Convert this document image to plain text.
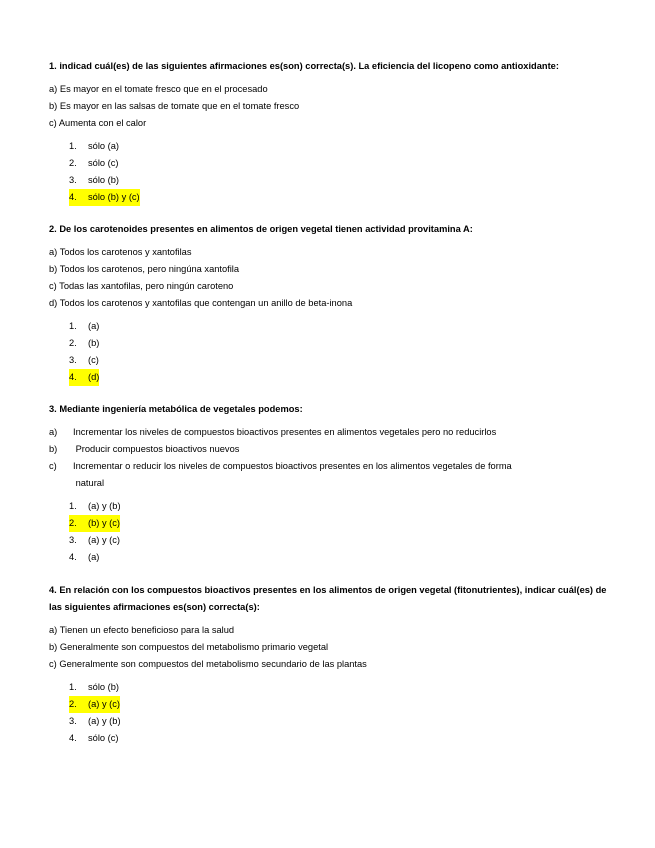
1. indicad cuál(es) de las siguientes afirmaciones es(son) correcta(s). La eficiencia del licopeno como antioxidante:

a) Es mayor en el tomate fresco que en el procesado
b) Es mayor en las salsas de tomate que en el tomate fresco
c) Aumenta con el calor
1. sólo (a)
2. sólo (c)
3. sólo (b)
4. sólo (b) y (c)

2. De los carotenoides presentes en alimentos de origen vegetal tienen actividad provitamina A:

a) Todos los carotenos y xantofilas
b) Todos los carotenos, pero ningúna xantofila
c) Todas las xantofilas, pero ningún caroteno
d) Todos los carotenos y xantofilas que contengan un anillo de beta-inona
1. (a)
2. (b)
3. (c)
4. (d)

3. Mediante ingeniería metabólica de vegetales podemos:

a) Incrementar los niveles de compuestos bioactivos presentes en alimentos vegetales pero no reducirlos
b) Producir compuestos bioactivos nuevos
c) Incrementar o reducir los niveles de compuestos bioactivos presentes en los alimentos vegetales de forma
natural
1. (a) y (b)
2. (b) y (c)
3. (a) y (c)
4. (a)

4. En relación con los compuestos bioactivos presentes en los alimentos de origen vegetal (fitonutrientes), indicar cuál(es) de las siguientes afirmaciones es(son) correcta(s):

a) Tienen un efecto beneficioso para la salud
b) Generalmente son compuestos del metabolismo primario vegetal
c) Generalmente son compuestos del metabolismo secundario de las plantas
1. sólo (b)
2. (a) y (c)
3. (a) y (b)
4. sólo (c)
